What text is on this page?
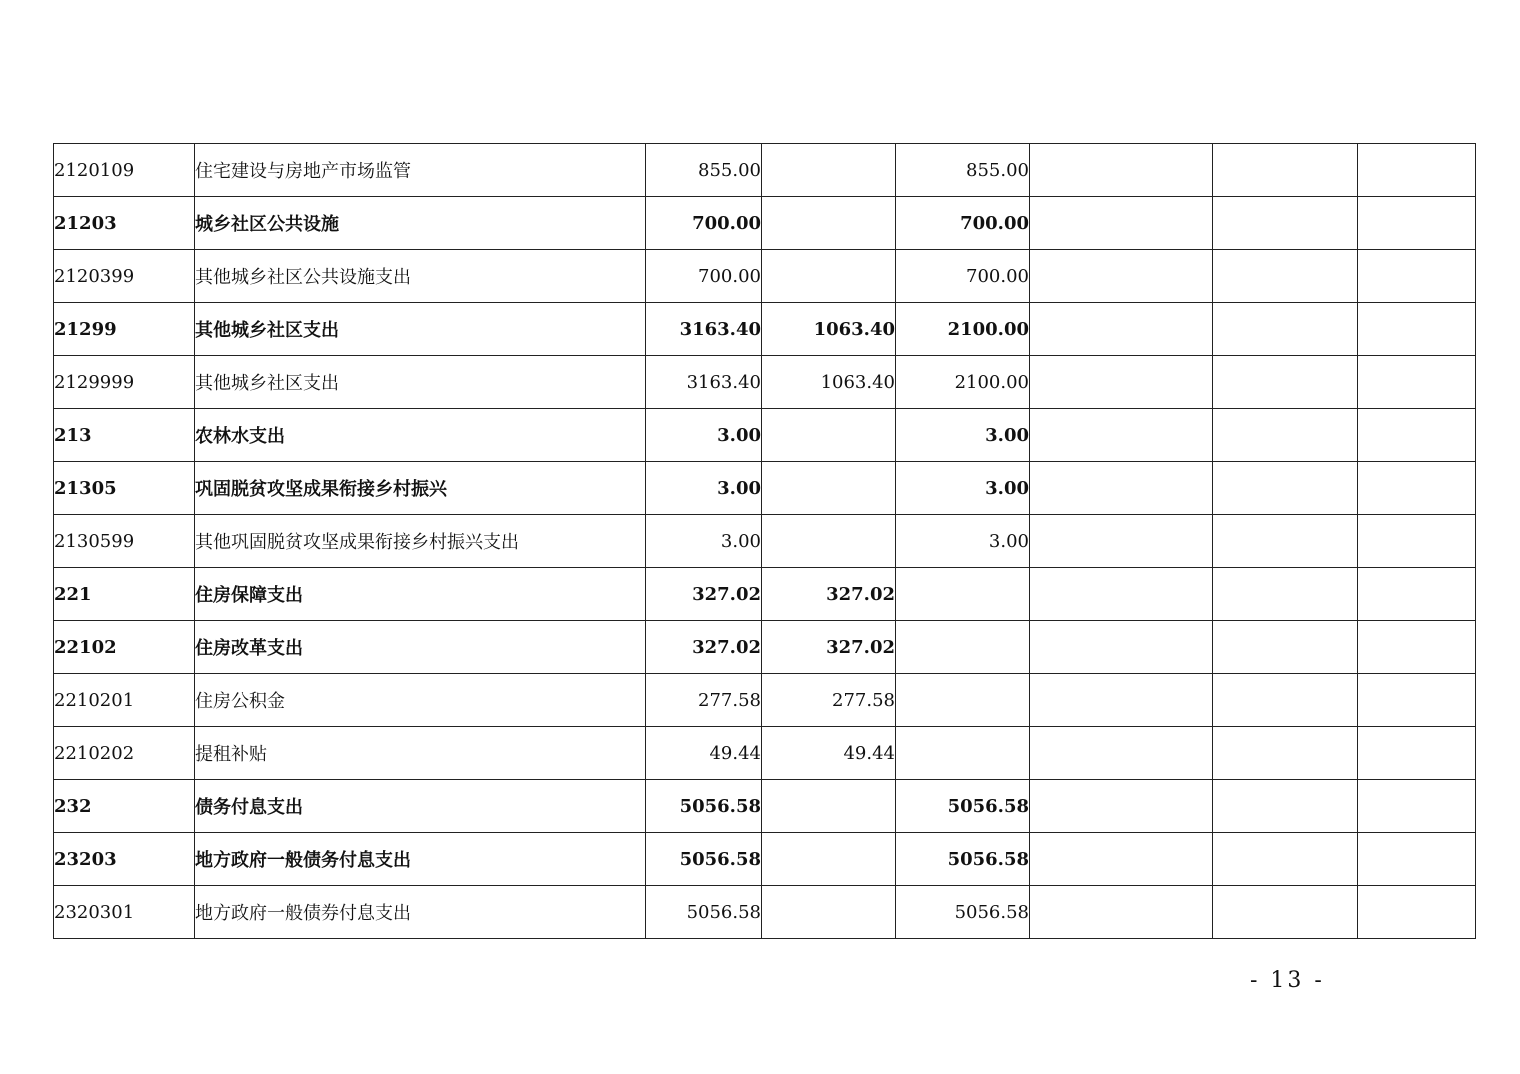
2120109	住宅建设与房地产市场监管	855.00		855.00			
21203	城乡社区公共设施	700.00		700.00			
2120399	其他城乡社区公共设施支出	700.00		700.00			
21299	其他城乡社区支出	3163.40	1063.40	2100.00			
2129999	其他城乡社区支出	3163.40	1063.40	2100.00			
213	农林水支出	3.00		3.00			
21305	巩固脱贫攻坚成果衔接乡村振兴	3.00		3.00			
2130599	其他巩固脱贫攻坚成果衔接乡村振兴支出	3.00		3.00			
221	住房保障支出	327.02	327.02				
22102	住房改革支出	327.02	327.02				
2210201	住房公积金	277.58	277.58				
2210202	提租补贴	49.44	49.44				
232	债务付息支出	5056.58		5056.58			
23203	地方政府一般债务付息支出	5056.58		5056.58			
2320301	地方政府一般债券付息支出	5056.58		5056.58			
- 13 -
